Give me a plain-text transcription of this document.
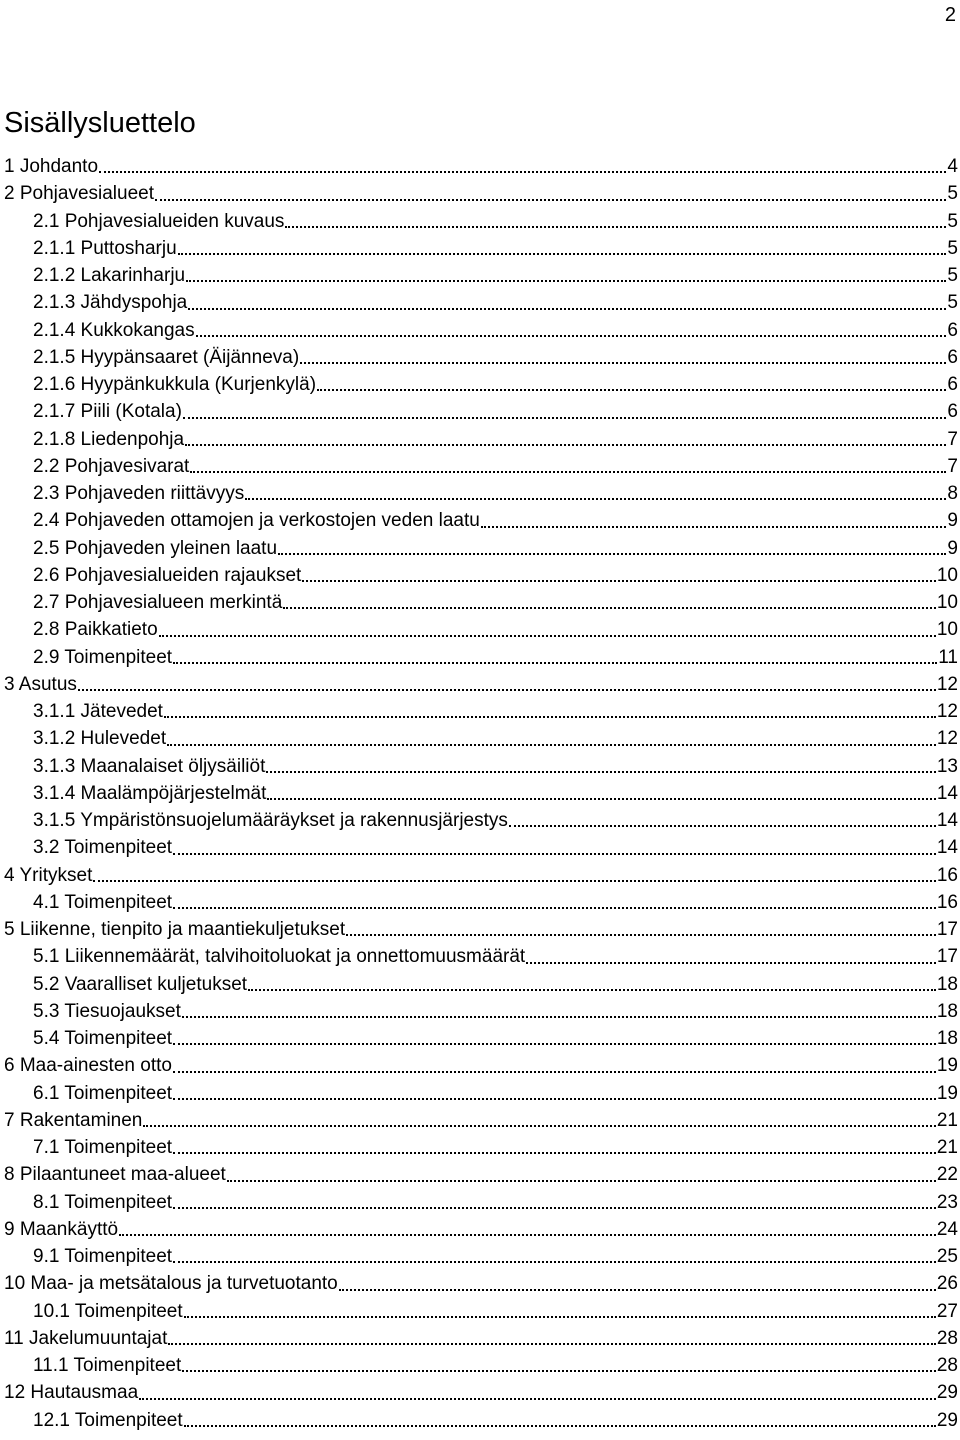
2
Sisällysluettelo
1 Johdanto	4
2 Pohjavesialueet	5
2.1 Pohjavesialueiden kuvaus	5
2.1.1 Puttosharju	5
2.1.2 Lakarinharju	5
2.1.3 Jähdyspohja	5
2.1.4 Kukkokangas	6
2.1.5 Hyypänsaaret (Äijänneva)	6
2.1.6 Hyypänkukkula (Kurjenkylä)	6
2.1.7 Piili (Kotala)	6
2.1.8 Liedenpohja	7
2.2 Pohjavesivarat	7
2.3 Pohjaveden riittävyys	8
2.4 Pohjaveden ottamojen ja verkostojen veden laatu	9
2.5 Pohjaveden yleinen laatu	9
2.6 Pohjavesialueiden rajaukset	10
2.7 Pohjavesialueen merkintä	10
2.8 Paikkatieto	10
2.9 Toimenpiteet	11
3 Asutus	12
3.1.1 Jätevedet	12
3.1.2 Hulevedet	12
3.1.3 Maanalaiset öljysäiliöt	13
3.1.4 Maalämpöjärjestelmät	14
3.1.5 Ympäristönsuojelumääräykset ja rakennusjärjestys	14
3.2 Toimenpiteet	14
4 Yritykset	16
4.1 Toimenpiteet	16
5 Liikenne, tienpito ja maantiekuljetukset	17
5.1 Liikennemäärät, talvihoitoluokat ja onnettomuusmäärät	17
5.2 Vaaralliset kuljetukset	18
5.3 Tiesuojaukset	18
5.4 Toimenpiteet	18
6 Maa-ainesten otto	19
6.1 Toimenpiteet	19
7 Rakentaminen	21
7.1 Toimenpiteet	21
8 Pilaantuneet maa-alueet	22
8.1 Toimenpiteet	23
9 Maankäyttö	24
9.1 Toimenpiteet	25
10 Maa- ja metsätalous ja turvetuotanto	26
10.1 Toimenpiteet	27
11 Jakelumuuntajat	28
11.1 Toimenpiteet	28
12 Hautausmaa	29
12.1 Toimenpiteet	29
